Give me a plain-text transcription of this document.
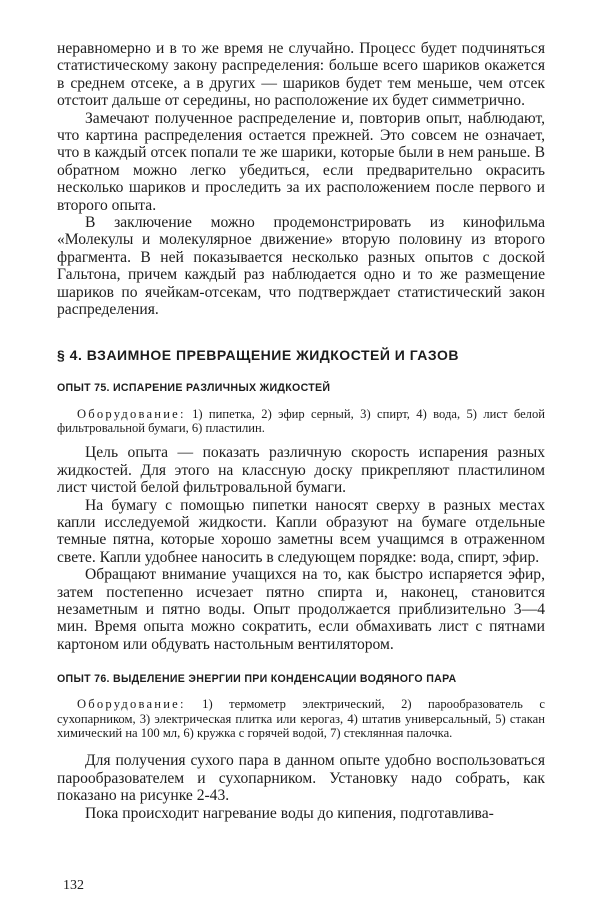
неравномерно и в то же время не случайно. Процесс будет подчиняться статистическому закону распределения: больше всего шариков окажется в среднем отсеке, а в других — шариков будет тем меньше, чем отсек отстоит дальше от середины, но расположение их будет симметрично.

Замечают полученное распределение и, повторив опыт, наблюдают, что картина распределения остается прежней. Это совсем не означает, что в каждый отсек попали те же шарики, которые были в нем раньше. В обратном можно легко убедиться, если предварительно окрасить несколько шариков и проследить за их расположением после первого и второго опыта.

В заключение можно продемонстрировать из кинофильма «Молекулы и молекулярное движение» вторую половину из второго фрагмента. В ней показывается несколько разных опытов с доской Гальтона, причем каждый раз наблюдается одно и то же размещение шариков по ячейкам-отсекам, что подтверждает статистический закон распределения.

§ 4. ВЗАИМНОЕ ПРЕВРАЩЕНИЕ ЖИДКОСТЕЙ И ГАЗОВ
ОПЫТ 75. ИСПАРЕНИЕ РАЗЛИЧНЫХ ЖИДКОСТЕЙ

Оборудование: 1) пипетка, 2) эфир серный, 3) спирт, 4) вода, 5) лист белой фильтровальной бумаги, 6) пластилин.

Цель опыта — показать различную скорость испарения разных жидкостей. Для этого на классную доску прикрепляют пластилином лист чистой белой фильтровальной бумаги.

На бумагу с помощью пипетки наносят сверху в разных местах капли исследуемой жидкости. Капли образуют на бумаге отдельные темные пятна, которые хорошо заметны всем учащимся в отраженном свете. Капли удобнее наносить в следующем порядке: вода, спирт, эфир.

Обращают внимание учащихся на то, как быстро испаряется эфир, затем постепенно исчезает пятно спирта и, наконец, становится незаметным и пятно воды. Опыт продолжается приблизительно 3—4 мин. Время опыта можно сократить, если обмахивать лист с пятнами картоном или обдувать настольным вентилятором.

ОПЫТ 76. ВЫДЕЛЕНИЕ ЭНЕРГИИ ПРИ КОНДЕНСАЦИИ ВОДЯНОГО ПАРА

Оборудование: 1) термометр электрический, 2) парообразователь с сухопарником, 3) электрическая плитка или керогаз, 4) штатив универсальный, 5) стакан химический на 100 мл, 6) кружка с горячей водой, 7) стеклянная палочка.

Для получения сухого пара в данном опыте удобно воспользоваться парообразователем и сухопарником. Установку надо собрать, как показано на рисунке 2-43.

Пока происходит нагревание воды до кипения, подготавлива-

132
